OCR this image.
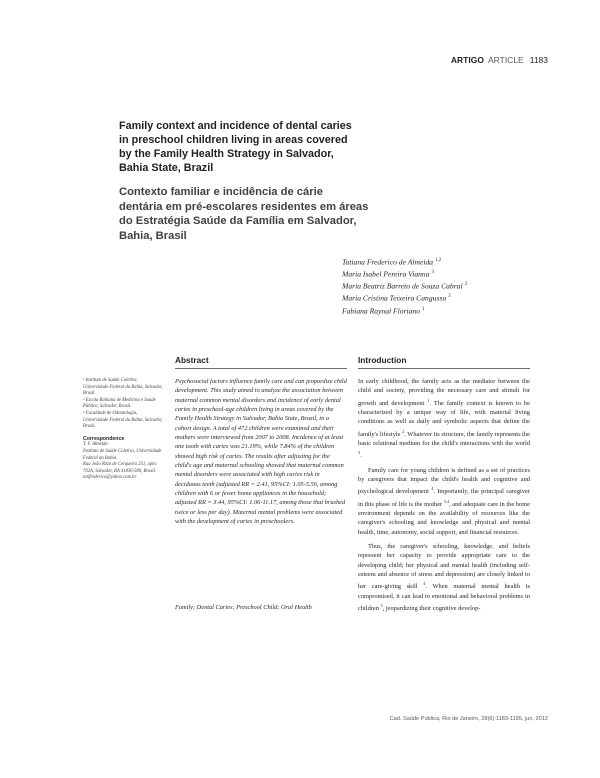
ARTIGO ARTICLE 1183
Family context and incidence of dental caries in preschool children living in areas covered by the Family Health Strategy in Salvador, Bahia State, Brazil
Contexto familiar e incidência de cárie dentária em pré-escolares residentes em áreas do Estratégia Saúde da Família em Salvador, Bahia, Brasil
Tatiana Frederico de Almeida $^{1,2}$
Maria Isabel Pereira Vianna $^3$
Maria Beatriz Barreto de Souza Cabral $^3$
Maria Cristina Teixeira Cangussu $^3$
Fabiana Raynal Floriano $^1$
Abstract	Introduction

¹ Instituto de Saúde Coletiva, Universidade Federal da Bahia, Salvador, Brasil.

² Escola Bahiana de Medicina e Saúde Pública, Salvador, Brasil.

³ Faculdade de Odontologia, Universidade Federal da Bahia, Salvador, Brasil.

Correspondence

T. F. Almeida

Instituto de Saúde Coletiva, Universidade Federal da Bahia.

Rua João Rêzo de Cerqueira 251, apto. 702A, Salvador, BA 41830-580, Brasil.

tatifrederico@yahoo.com.br

Psychosocial factors influence family care and can jeopardize child development. This study aimed to analyze the association between maternal common mental disorders and incidence of early dental caries in preschool-age children living in areas covered by the Family Health Strategy in Salvador, Bahia State, Brazil, in a cohort design. A total of 472 children were examined and their mothers were interviewed from 2007 to 2008. Incidence of at least one tooth with caries was 21.19%, while 7.84% of the children showed high risk of caries. The results after adjusting for the child's age and maternal schooling showed that maternal common mental disorders were associated with high caries risk in deciduous teeth (adjusted RR = 2.41, 95%CI: 1.05-5.56, among children with 6 or fewer home appliances in the household; adjusted RR = 3.44, 95%CI: 1.06-11.17, among those that brushed twice or less per day). Maternal mental problems were associated with the development of caries in preschoolers.

Family; Dental Caries; Preschool Child; Oral Health

In early childhood, the family acts as the mediator between the child and society, providing the necessary care and stimuli for growth and development $^1$. The family context is known to be characterized by a unique way of life, with material living conditions as well as daily and symbolic aspects that define the family's lifestyle $^2$. Whatever its structure, the family represents the basic relational medium for the child's interactions with the world $^3$.

Family care for young children is defined as a set of practices by caregivers that impact the child's health and cognitive and psychological development $^4$. Importantly, the principal caregiver in this phase of life is the mother $^{3,4}$, and adequate care in the home environment depends on the availability of resources like the caregiver's schooling and knowledge and physical and mental health, time, autonomy, social support, and financial resources.

Thus, the caregiver's schooling, knowledge, and beliefs represent her capacity to provide appropriate care to the developing child; her physical and mental health (including self-esteem and absence of stress and depression) are closely linked to her care-giving skill $^4$. When maternal mental health is compromised, it can lead to emotional and behavioral problems in children $^5$, jeopardizing their cognitive develop-

Cad. Saúde Pública, Rio de Janeiro, 28(6):1183-1195, jun, 2012
